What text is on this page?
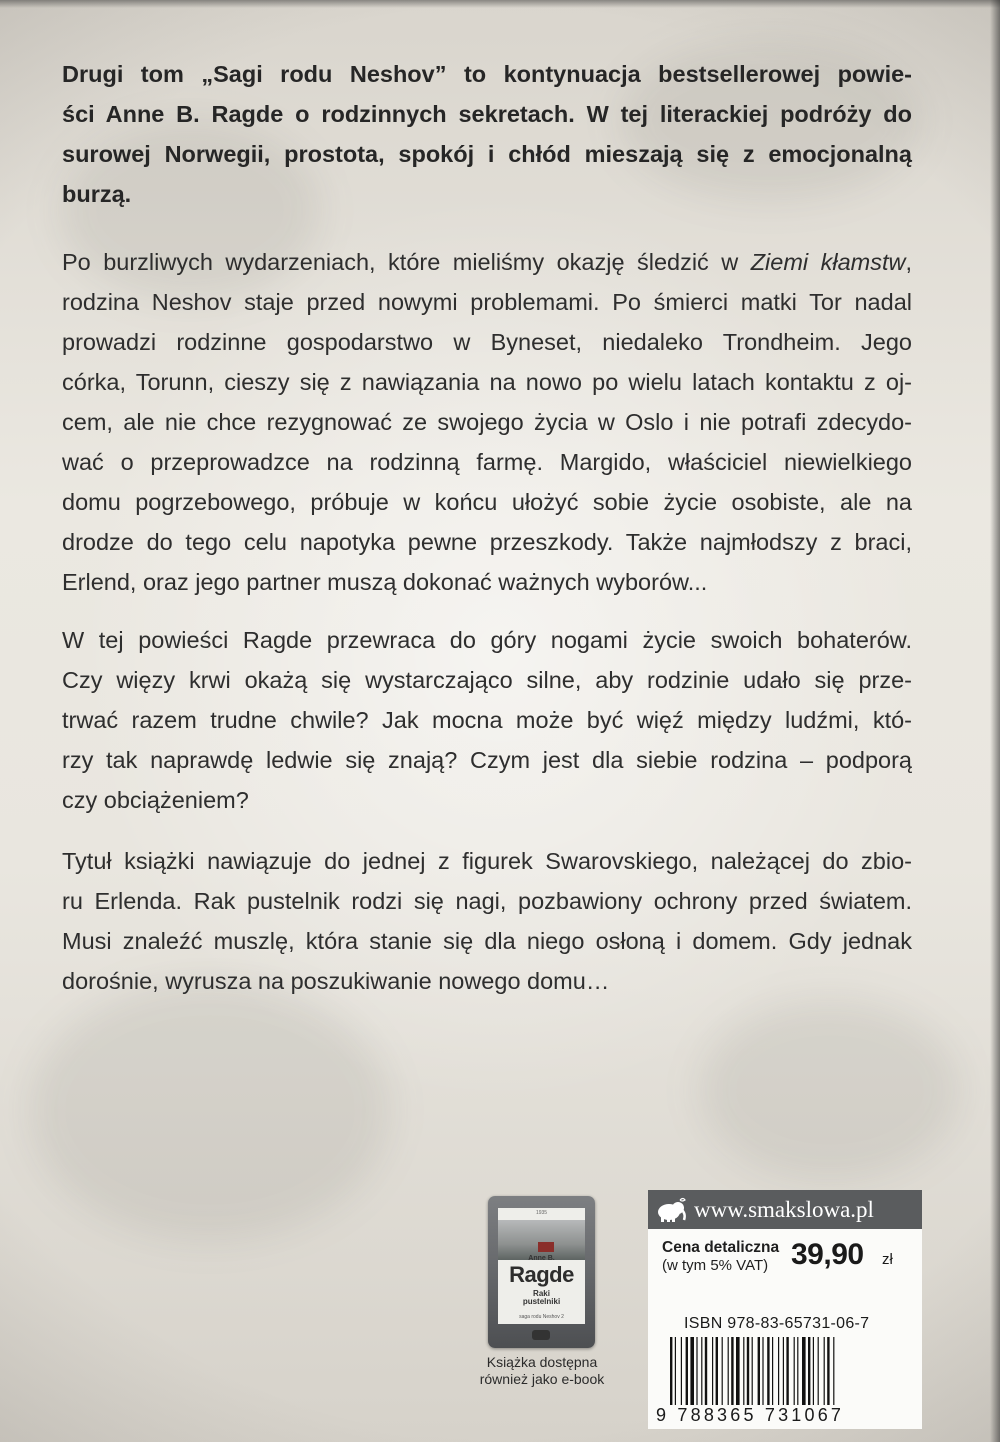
Drugi tom „Sagi rodu Neshov” to kontynuacja bestsellerowej powie-
ści Anne B. Ragde o rodzinnych sekretach. W tej literackiej podróży do
surowej Norwegii, prostota, spokój i chłód mieszają się z emocjonalną
burzą.
Po burzliwych wydarzeniach, które mieliśmy okazję śledzić w Ziemi kłamstw,
rodzina Neshov staje przed nowymi problemami. Po śmierci matki Tor nadal
prowadzi rodzinne gospodarstwo w Byneset, niedaleko Trondheim. Jego
córka, Torunn, cieszy się z nawiązania na nowo po wielu latach kontaktu z oj-
cem, ale nie chce rezygnować ze swojego życia w Oslo i nie potrafi zdecydo-
wać o przeprowadzce na rodzinną farmę. Margido, właściciel niewielkiego
domu pogrzebowego, próbuje w końcu ułożyć sobie życie osobiste, ale na
drodze do tego celu napotyka pewne przeszkody. Także najmłodszy z braci,
Erlend, oraz jego partner muszą dokonać ważnych wyborów...
W tej powieści Ragde przewraca do góry nogami życie swoich bohaterów.
Czy więzy krwi okażą się wystarczająco silne, aby rodzinie udało się prze-
trwać razem trudne chwile? Jak mocna może być więź między ludźmi, któ-
rzy tak naprawdę ledwie się znają? Czym jest dla siebie rodzina – podporą
czy obciążeniem?
Tytuł książki nawiązuje do jednej z figurek Swarovskiego, należącej do zbio-
ru Erlenda. Rak pustelnik rodzi się nagi, pozbawiony ochrony przed światem.
Musi znaleźć muszlę, która stanie się dla niego osłoną i domem. Gdy jednak
dorośnie, wyrusza na poszukiwanie nowego domu…
1935
Anne B.
Ragde
Raki
pustelniki
saga rodu Neshov 2
Książka dostępna
również jako e-book
www.smakslowa.pl
Cena detaliczna
(w tym 5% VAT) 39,90 zł
ISBN 978-83-65731-06-7
9 788365 731067
